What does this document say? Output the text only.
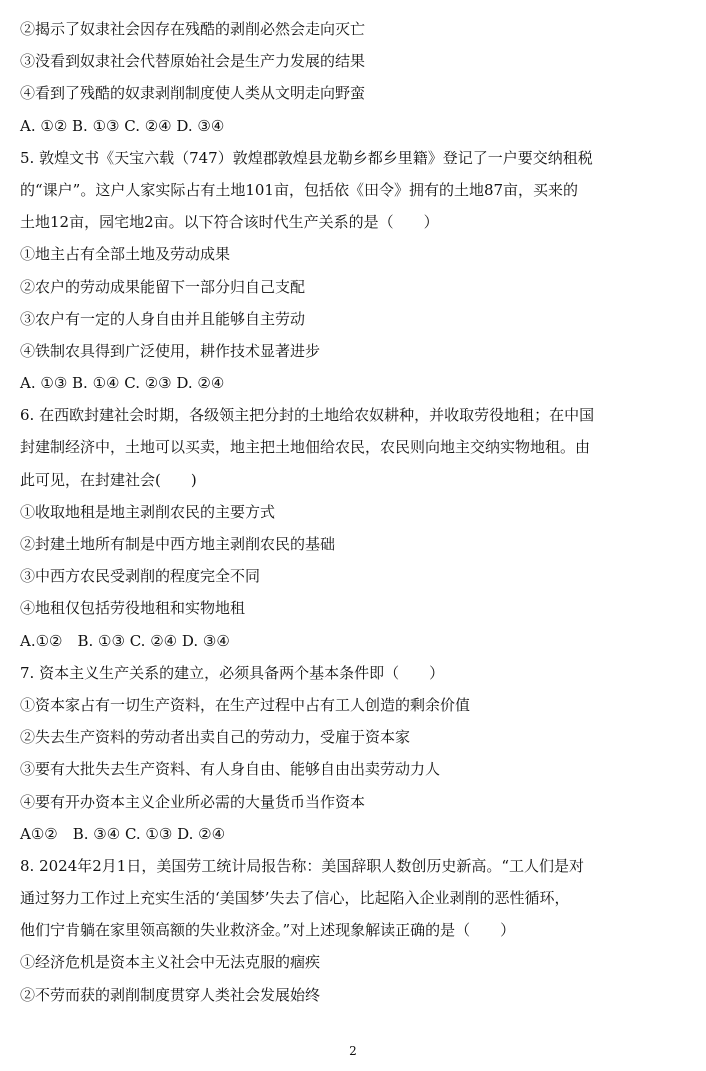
②揭示了奴隶社会因存在残酷的剥削必然会走向灭亡
③没看到奴隶社会代替原始社会是生产力发展的结果
④看到了残酷的奴隶剥削制度使人类从文明走向野蛮
A. ①② B. ①③ C. ②④ D. ③④
5. 敦煌文书《天宝六载（747）敦煌郡敦煌县龙勒乡都乡里籍》登记了一户要交纳租税
的“课户”。这户人家实际占有土地101亩，包括依《田令》拥有的土地87亩，买来的
土地12亩，园宅地2亩。以下符合该时代生产关系的是（　　）
①地主占有全部土地及劳动成果
②农户的劳动成果能留下一部分归自己支配
③农户有一定的人身自由并且能够自主劳动
④铁制农具得到广泛使用，耕作技术显著进步
A. ①③ B. ①④ C. ②③ D. ②④
6. 在西欧封建社会时期，各级领主把分封的土地给农奴耕种，并收取劳役地租；在中国
封建制经济中，土地可以买卖，地主把土地佃给农民，农民则向地主交纳实物地租。由
此可见，在封建社会(　　)
①收取地租是地主剥削农民的主要方式
②封建土地所有制是中西方地主剥削农民的基础
③中西方农民受剥削的程度完全不同
④地租仅包括劳役地租和实物地租
A.①②　B. ①③ C. ②④ D. ③④
7. 资本主义生产关系的建立，必须具备两个基本条件即（　　）
①资本家占有一切生产资料，在生产过程中占有工人创造的剩余价值
②失去生产资料的劳动者出卖自己的劳动力，受雇于资本家
③要有大批失去生产资料、有人身自由、能够自由出卖劳动力人
④要有开办资本主义企业所必需的大量货币当作资本
A①②　B. ③④ C. ①③ D. ②④
8. 2024年2月1日，美国劳工统计局报告称：美国辞职人数创历史新高。“工人们是对
通过努力工作过上充实生活的‘美国梦’失去了信心，比起陷入企业剥削的恶性循环，
他们宁肯躺在家里领高额的失业救济金。”对上述现象解读正确的是（　　）
①经济危机是资本主义社会中无法克服的痼疾
②不劳而获的剥削制度贯穿人类社会发展始终
2
